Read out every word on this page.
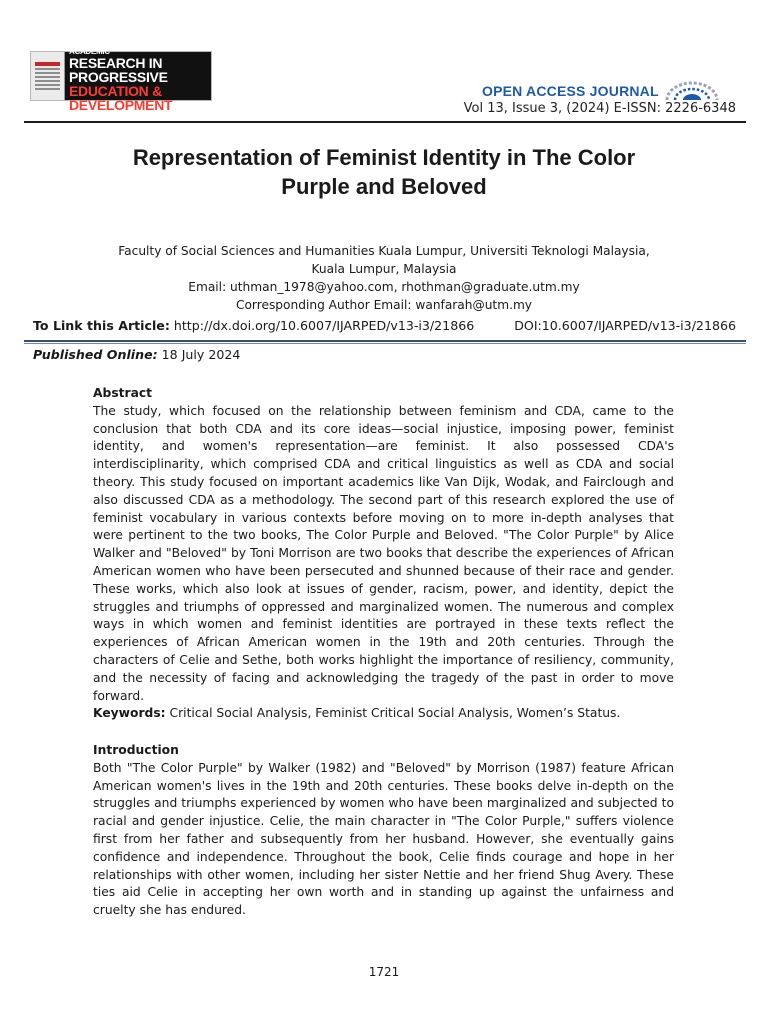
INTERNATIONAL JOURNAL OF ACADEMIC
RESEARCH IN PROGRESSIVE
EDUCATION & DEVELOPMENT
OPEN ACCESS JOURNAL
Vol 13, Issue 3, (2024) E-ISSN: 2226-6348
Representation of Feminist Identity in The Color
Purple and Beloved
Faculty of Social Sciences and Humanities Kuala Lumpur, Universiti Teknologi Malaysia,
Kuala Lumpur, Malaysia
Email: uthman_1978@yahoo.com, rhothman@graduate.utm.my
Corresponding Author Email: wanfarah@utm.my
To Link this Article: http://dx.doi.org/10.6007/IJARPED/v13-i3/21866	DOI:10.6007/IJARPED/v13-i3/21866
Published Online: 18 July 2024
Abstract
The study, which focused on the relationship between feminism and CDA, came to the conclusion that both CDA and its core ideas—social injustice, imposing power, feminist identity, and women's representation—are feminist. It also possessed CDA's interdisciplinarity, which comprised CDA and critical linguistics as well as CDA and social theory. This study focused on important academics like Van Dijk, Wodak, and Fairclough and also discussed CDA as a methodology. The second part of this research explored the use of feminist vocabulary in various contexts before moving on to more in-depth analyses that were pertinent to the two books, The Color Purple and Beloved. "The Color Purple" by Alice Walker and "Beloved" by Toni Morrison are two books that describe the experiences of African American women who have been persecuted and shunned because of their race and gender. These works, which also look at issues of gender, racism, power, and identity, depict the struggles and triumphs of oppressed and marginalized women. The numerous and complex ways in which women and feminist identities are portrayed in these texts reflect the experiences of African American women in the 19th and 20th centuries. Through the characters of Celie and Sethe, both works highlight the importance of resiliency, community, and the necessity of facing and acknowledging the tragedy of the past in order to move forward.
Keywords: Critical Social Analysis, Feminist Critical Social Analysis, Women’s Status.
Introduction
Both "The Color Purple" by Walker (1982) and "Beloved" by Morrison (1987) feature African American women's lives in the 19th and 20th centuries. These books delve in-depth on the struggles and triumphs experienced by women who have been marginalized and subjected to racial and gender injustice. Celie, the main character in "The Color Purple," suffers violence first from her father and subsequently from her husband. However, she eventually gains confidence and independence. Throughout the book, Celie finds courage and hope in her relationships with other women, including her sister Nettie and her friend Shug Avery. These ties aid Celie in accepting her own worth and in standing up against the unfairness and cruelty she has endured.
1721
